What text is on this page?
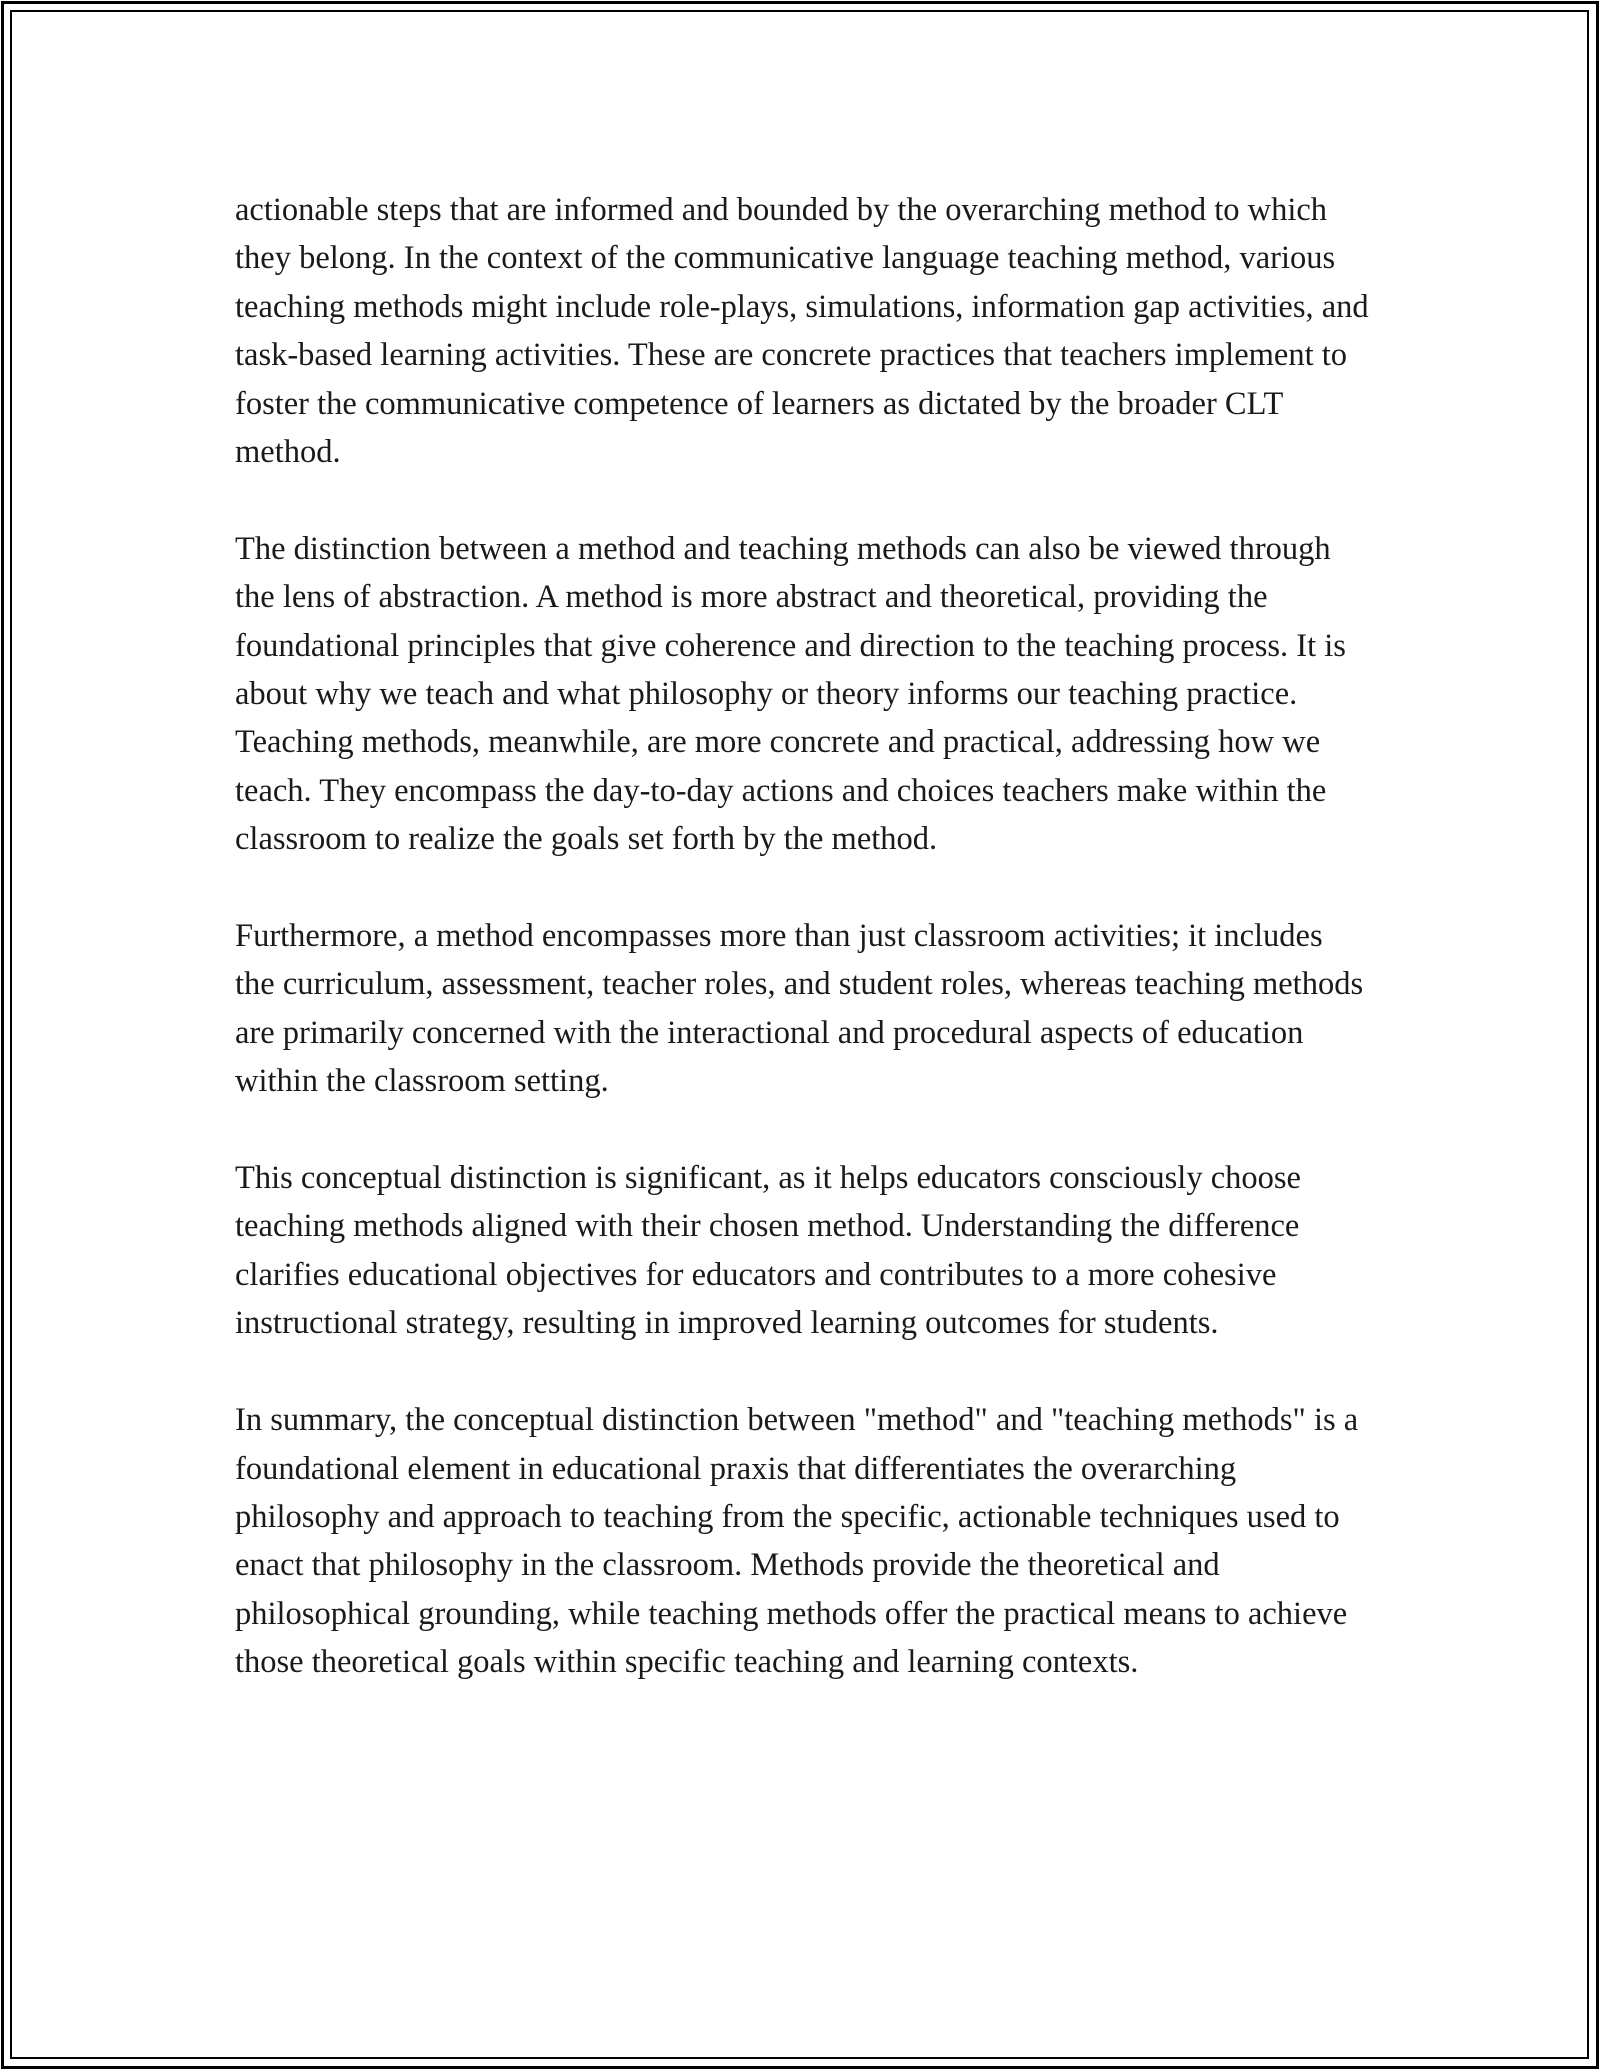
actionable steps that are informed and bounded by the overarching method to which they belong. In the context of the communicative language teaching method, various teaching methods might include role-plays, simulations, information gap activities, and task-based learning activities. These are concrete practices that teachers implement to foster the communicative competence of learners as dictated by the broader CLT method.

The distinction between a method and teaching methods can also be viewed through the lens of abstraction. A method is more abstract and theoretical, providing the foundational principles that give coherence and direction to the teaching process. It is about why we teach and what philosophy or theory informs our teaching practice. Teaching methods, meanwhile, are more concrete and practical, addressing how we teach. They encompass the day-to-day actions and choices teachers make within the classroom to realize the goals set forth by the method.

Furthermore, a method encompasses more than just classroom activities; it includes the curriculum, assessment, teacher roles, and student roles, whereas teaching methods are primarily concerned with the interactional and procedural aspects of education within the classroom setting.

This conceptual distinction is significant, as it helps educators consciously choose teaching methods aligned with their chosen method. Understanding the difference clarifies educational objectives for educators and contributes to a more cohesive instructional strategy, resulting in improved learning outcomes for students.

In summary, the conceptual distinction between "method" and "teaching methods" is a foundational element in educational praxis that differentiates the overarching philosophy and approach to teaching from the specific, actionable techniques used to enact that philosophy in the classroom. Methods provide the theoretical and philosophical grounding, while teaching methods offer the practical means to achieve those theoretical goals within specific teaching and learning contexts.
